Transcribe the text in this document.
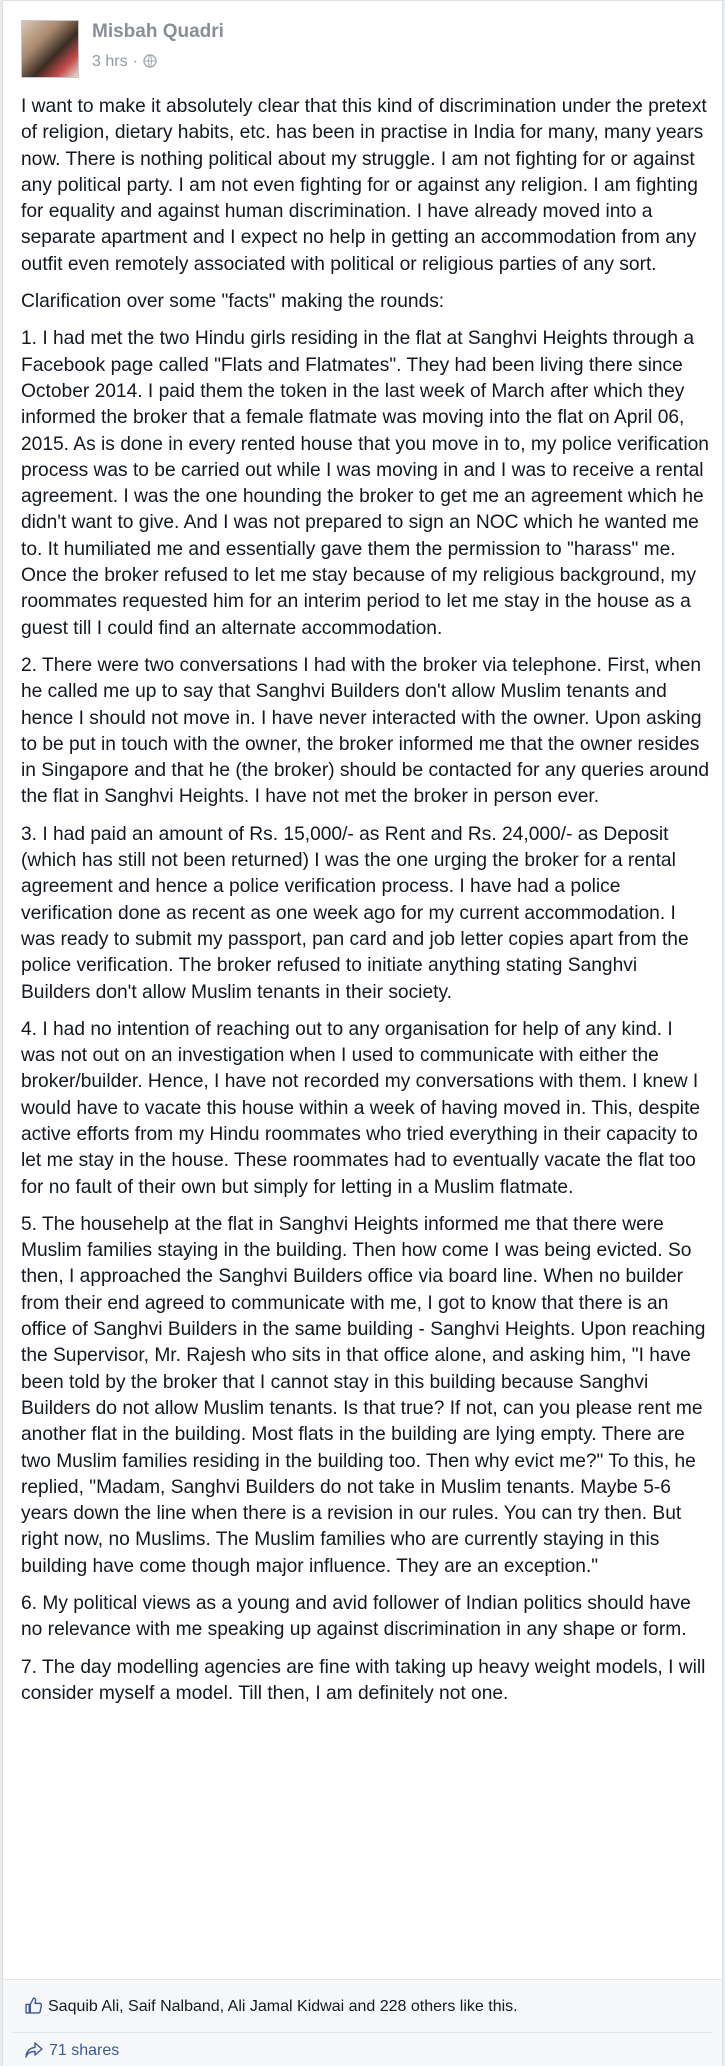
Misbah Quadri
3 hrs ·

I want to make it absolutely clear that this kind of discrimination under the pretext of religion, dietary habits, etc. has been in practise in India for many, many years now. There is nothing political about my struggle. I am not fighting for or against any political party. I am not even fighting for or against any religion. I am fighting for equality and against human discrimination. I have already moved into a separate apartment and I expect no help in getting an accommodation from any outfit even remotely associated with political or religious parties of any sort.

Clarification over some "facts" making the rounds:

1. I had met the two Hindu girls residing in the flat at Sanghvi Heights through a Facebook page called "Flats and Flatmates". They had been living there since October 2014. I paid them the token in the last week of March after which they informed the broker that a female flatmate was moving into the flat on April 06, 2015. As is done in every rented house that you move in to, my police verification process was to be carried out while I was moving in and I was to receive a rental agreement. I was the one hounding the broker to get me an agreement which he didn't want to give. And I was not prepared to sign an NOC which he wanted me to. It humiliated me and essentially gave them the permission to "harass" me. Once the broker refused to let me stay because of my religious background, my roommates requested him for an interim period to let me stay in the house as a guest till I could find an alternate accommodation.

2. There were two conversations I had with the broker via telephone. First, when he called me up to say that Sanghvi Builders don't allow Muslim tenants and hence I should not move in. I have never interacted with the owner. Upon asking to be put in touch with the owner, the broker informed me that the owner resides in Singapore and that he (the broker) should be contacted for any queries around the flat in Sanghvi Heights. I have not met the broker in person ever.

3. I had paid an amount of Rs. 15,000/- as Rent and Rs. 24,000/- as Deposit (which has still not been returned) I was the one urging the broker for a rental agreement and hence a police verification process. I have had a police verification done as recent as one week ago for my current accommodation. I was ready to submit my passport, pan card and job letter copies apart from the police verification. The broker refused to initiate anything stating Sanghvi Builders don't allow Muslim tenants in their society.

4. I had no intention of reaching out to any organisation for help of any kind. I was not out on an investigation when I used to communicate with either the broker/builder. Hence, I have not recorded my conversations with them. I knew I would have to vacate this house within a week of having moved in. This, despite active efforts from my Hindu roommates who tried everything in their capacity to let me stay in the house. These roommates had to eventually vacate the flat too for no fault of their own but simply for letting in a Muslim flatmate.

5. The househelp at the flat in Sanghvi Heights informed me that there were Muslim families staying in the building. Then how come I was being evicted. So then, I approached the Sanghvi Builders office via board line. When no builder from their end agreed to communicate with me, I got to know that there is an office of Sanghvi Builders in the same building - Sanghvi Heights. Upon reaching the Supervisor, Mr. Rajesh who sits in that office alone, and asking him, "I have been told by the broker that I cannot stay in this building because Sanghvi Builders do not allow Muslim tenants. Is that true? If not, can you please rent me another flat in the building. Most flats in the building are lying empty. There are two Muslim families residing in the building too. Then why evict me?" To this, he replied, "Madam, Sanghvi Builders do not take in Muslim tenants. Maybe 5-6 years down the line when there is a revision in our rules. You can try then. But right now, no Muslims. The Muslim families who are currently staying in this building have come though major influence. They are an exception."

6. My political views as a young and avid follower of Indian politics should have no relevance with me speaking up against discrimination in any shape or form.

7. The day modelling agencies are fine with taking up heavy weight models, I will consider myself a model. Till then, I am definitely not one.

Saquib Ali, Saif Nalband, Ali Jamal Kidwai and 228 others like this.
71 shares
